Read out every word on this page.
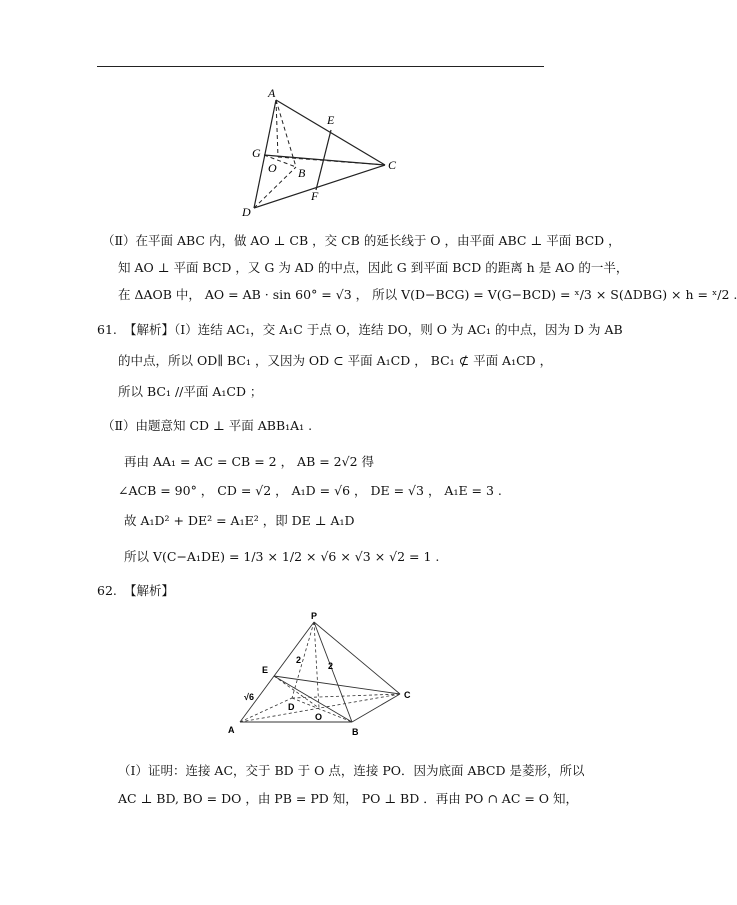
A
E
G
O B
C
F
D
（Ⅱ）在平面 ABC 内，做 AO ⊥ CB ，交 CB 的延长线于 O ，由平面 ABC ⊥ 平面 BCD ，
知 AO ⊥ 平面 BCD ，又 G 为 AD 的中点，因此 G 到平面 BCD 的距离 h 是 AO 的一半，
在 ΔAOB 中， AO = AB · sin 60° = √3 ， 所以 V(D−BCG) = V(G−BCD) = ˣ/3 × S(ΔDBG) × h = ˣ/2 .
61. 【解析】（Ⅰ）连结 AC₁，交 A₁C 于点 O，连结 DO，则 O 为 AC₁ 的中点，因为 D 为 AB
的中点，所以 OD∥ BC₁ ，又因为 OD ⊂ 平面 A₁CD ， BC₁ ⊄ 平面 A₁CD ，
所以 BC₁ //平面 A₁CD ；
（Ⅱ）由题意知 CD ⊥ 平面 ABB₁A₁ .
再由 AA₁ = AC = CB = 2 ， AB = 2√2 得
∠ACB = 90° ， CD = √2 ， A₁D = √6 ， DE = √3 ， A₁E = 3 .
故 A₁D² + DE² = A₁E² ，即 DE ⊥ A₁D
所以 V(C−A₁DE) = 1/3 × 1/2 × √6 × √3 × √2 = 1 .
62. 【解析】
P
E
2
2
√6
D
O
C
A	B
（Ⅰ）证明：连接 AC，交于 BD 于 O 点，连接 PO．因为底面 ABCD 是菱形，所以
AC ⊥ BD, BO = DO ，由 PB = PD 知， PO ⊥ BD ．再由 PO ∩ AC = O 知，
